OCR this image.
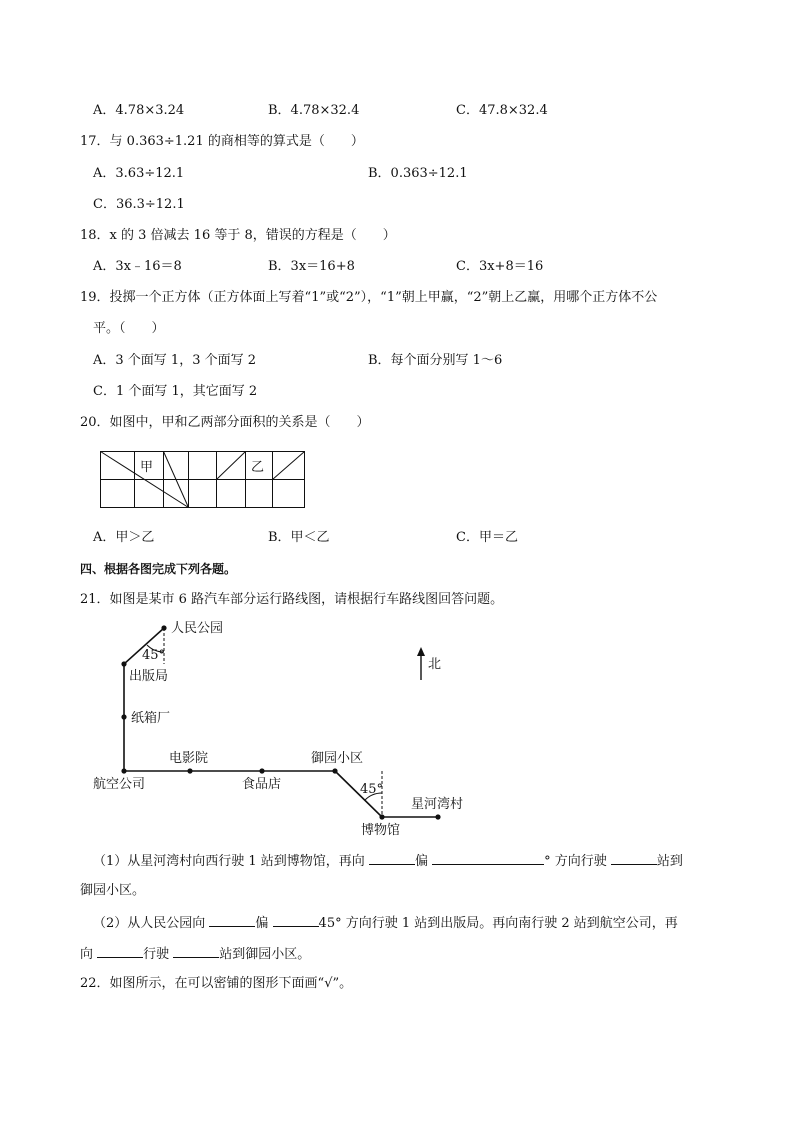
A．4.78×3.24	B．4.78×32.4	C．47.8×32.4
17．与 0.363÷1.21 的商相等的算式是（　　）
A．3.63÷12.1	B．0.363÷12.1
C．36.3÷12.1
18．x 的 3 倍减去 16 等于 8，错误的方程是（　　）
A．3x﹣16＝8	B．3x＝16+8	C．3x+8＝16
19．投掷一个正方体（正方体面上写着“1”或“2”），“1”朝上甲赢，“2”朝上乙赢，用哪个正方体不公
平。（　　）
A．3 个面写 1，3 个面写 2	B．每个面分别写 1～6
C．1 个面写 1，其它面写 2
20．如图中，甲和乙两部分面积的关系是（　　）
甲	乙
A．甲＞乙	B．甲＜乙	C．甲＝乙
四、根据各图完成下列各题。
21．如图是某市 6 路汽车部分运行路线图，请根据行车路线图回答问题。
北
人民公园
出版局
纸箱厂
航空公司
电影院
食品店
御园小区
博物馆
星河湾村
45°
45°
（1）从星河湾村向西行驶 1 站到博物馆，再向	偏	° 方向行驶	站到
御园小区。
（2）从人民公园向	偏	45° 方向行驶 1 站到出版局。再向南行驶 2 站到航空公司，再
向	行驶	站到御园小区。
22．如图所示，在可以密铺的图形下面画“√”。
